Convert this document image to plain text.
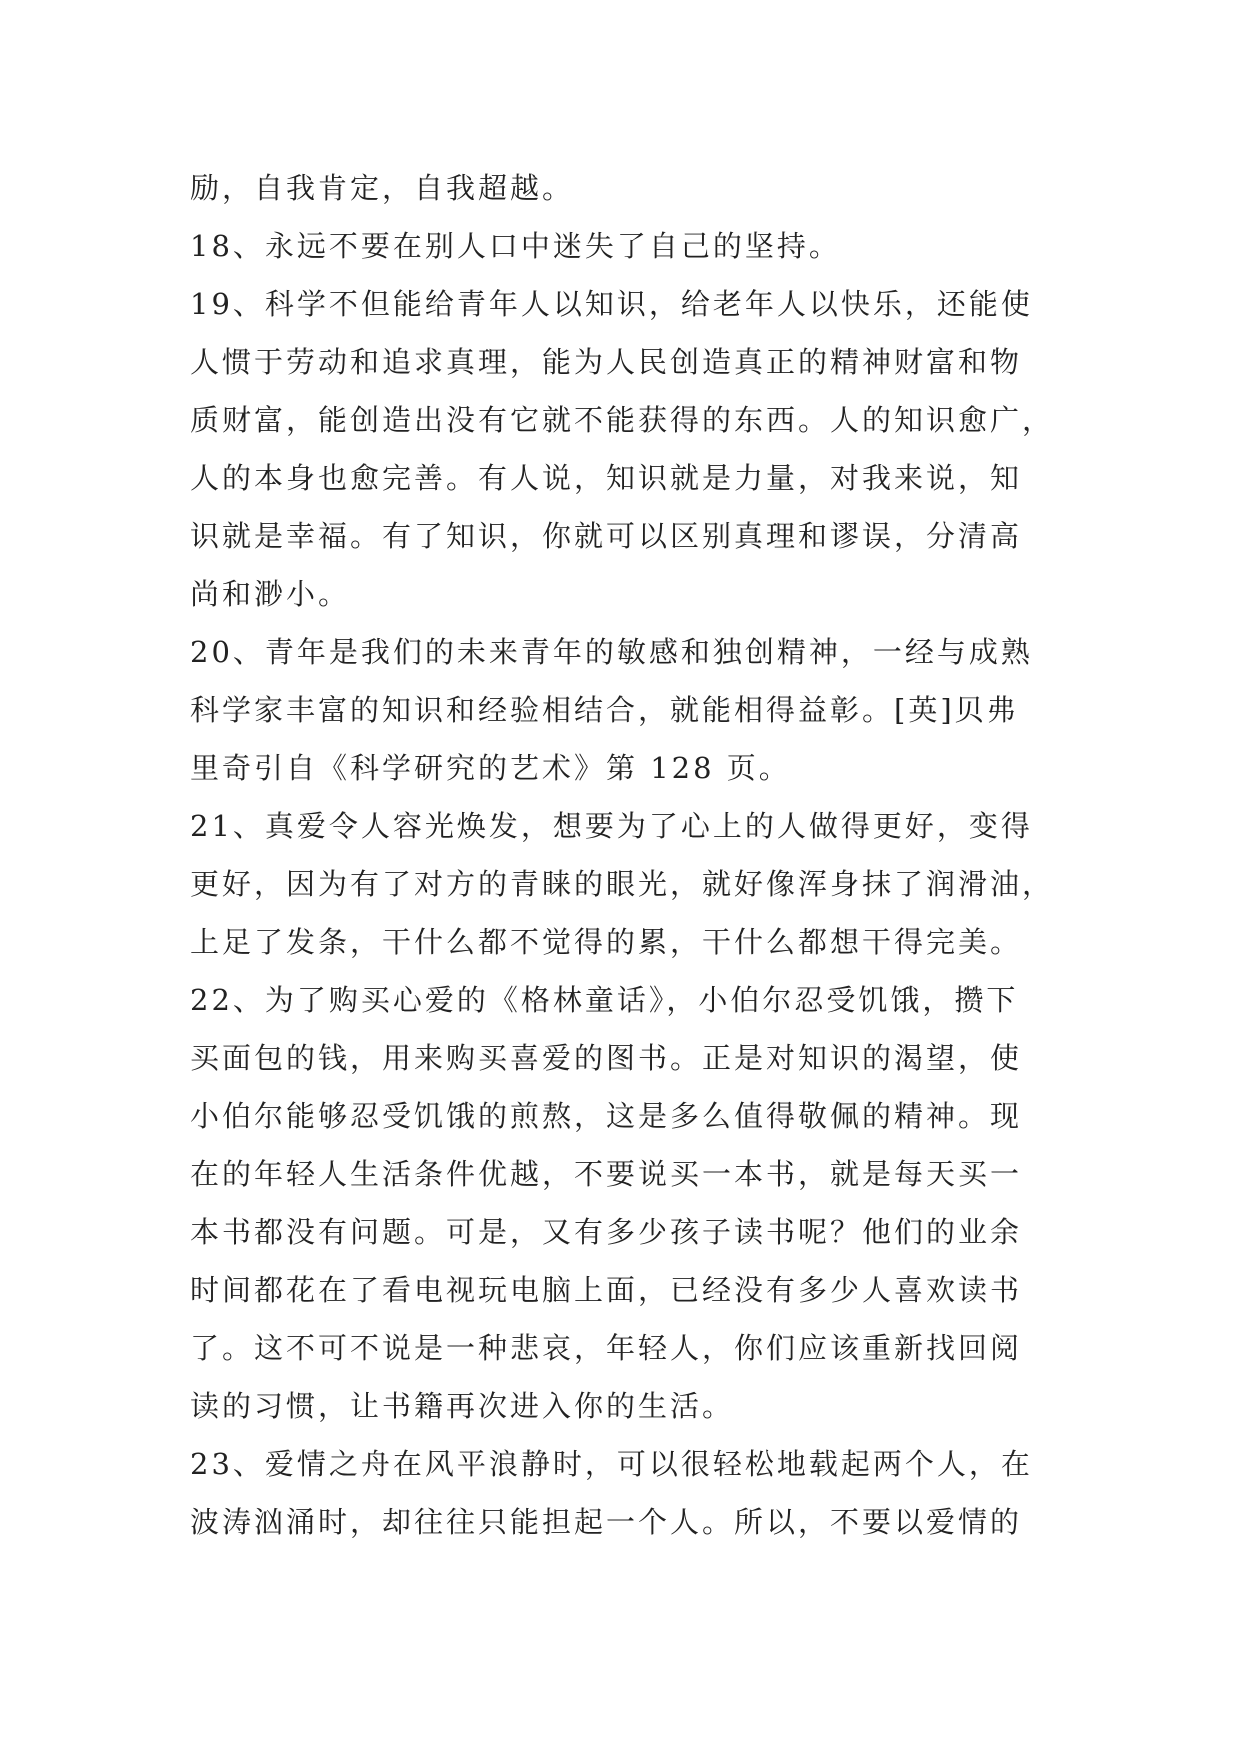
励，自我肯定，自我超越。

18、永远不要在别人口中迷失了自己的坚持。

19、科学不但能给青年人以知识，给老年人以快乐，还能使
人惯于劳动和追求真理，能为人民创造真正的精神财富和物
质财富，能创造出没有它就不能获得的东西。人的知识愈广，
人的本身也愈完善。有人说，知识就是力量，对我来说，知
识就是幸福。有了知识，你就可以区别真理和谬误，分清高
尚和渺小。

20、青年是我们的未来青年的敏感和独创精神，一经与成熟
科学家丰富的知识和经验相结合，就能相得益彰。[英]贝弗
里奇引自《科学研究的艺术》第 128 页。

21、真爱令人容光焕发，想要为了心上的人做得更好，变得
更好，因为有了对方的青睐的眼光，就好像浑身抹了润滑油，
上足了发条，干什么都不觉得的累，干什么都想干得完美。

22、为了购买心爱的《格林童话》，小伯尔忍受饥饿，攒下
买面包的钱，用来购买喜爱的图书。正是对知识的渴望，使
小伯尔能够忍受饥饿的煎熬，这是多么值得敬佩的精神。现
在的年轻人生活条件优越，不要说买一本书，就是每天买一
本书都没有问题。可是，又有多少孩子读书呢？他们的业余
时间都花在了看电视玩电脑上面，已经没有多少人喜欢读书
了。这不可不说是一种悲哀，年轻人，你们应该重新找回阅
读的习惯，让书籍再次进入你的生活。

23、爱情之舟在风平浪静时，可以很轻松地载起两个人，在
波涛汹涌时，却往往只能担起一个人。所以，不要以爱情的
